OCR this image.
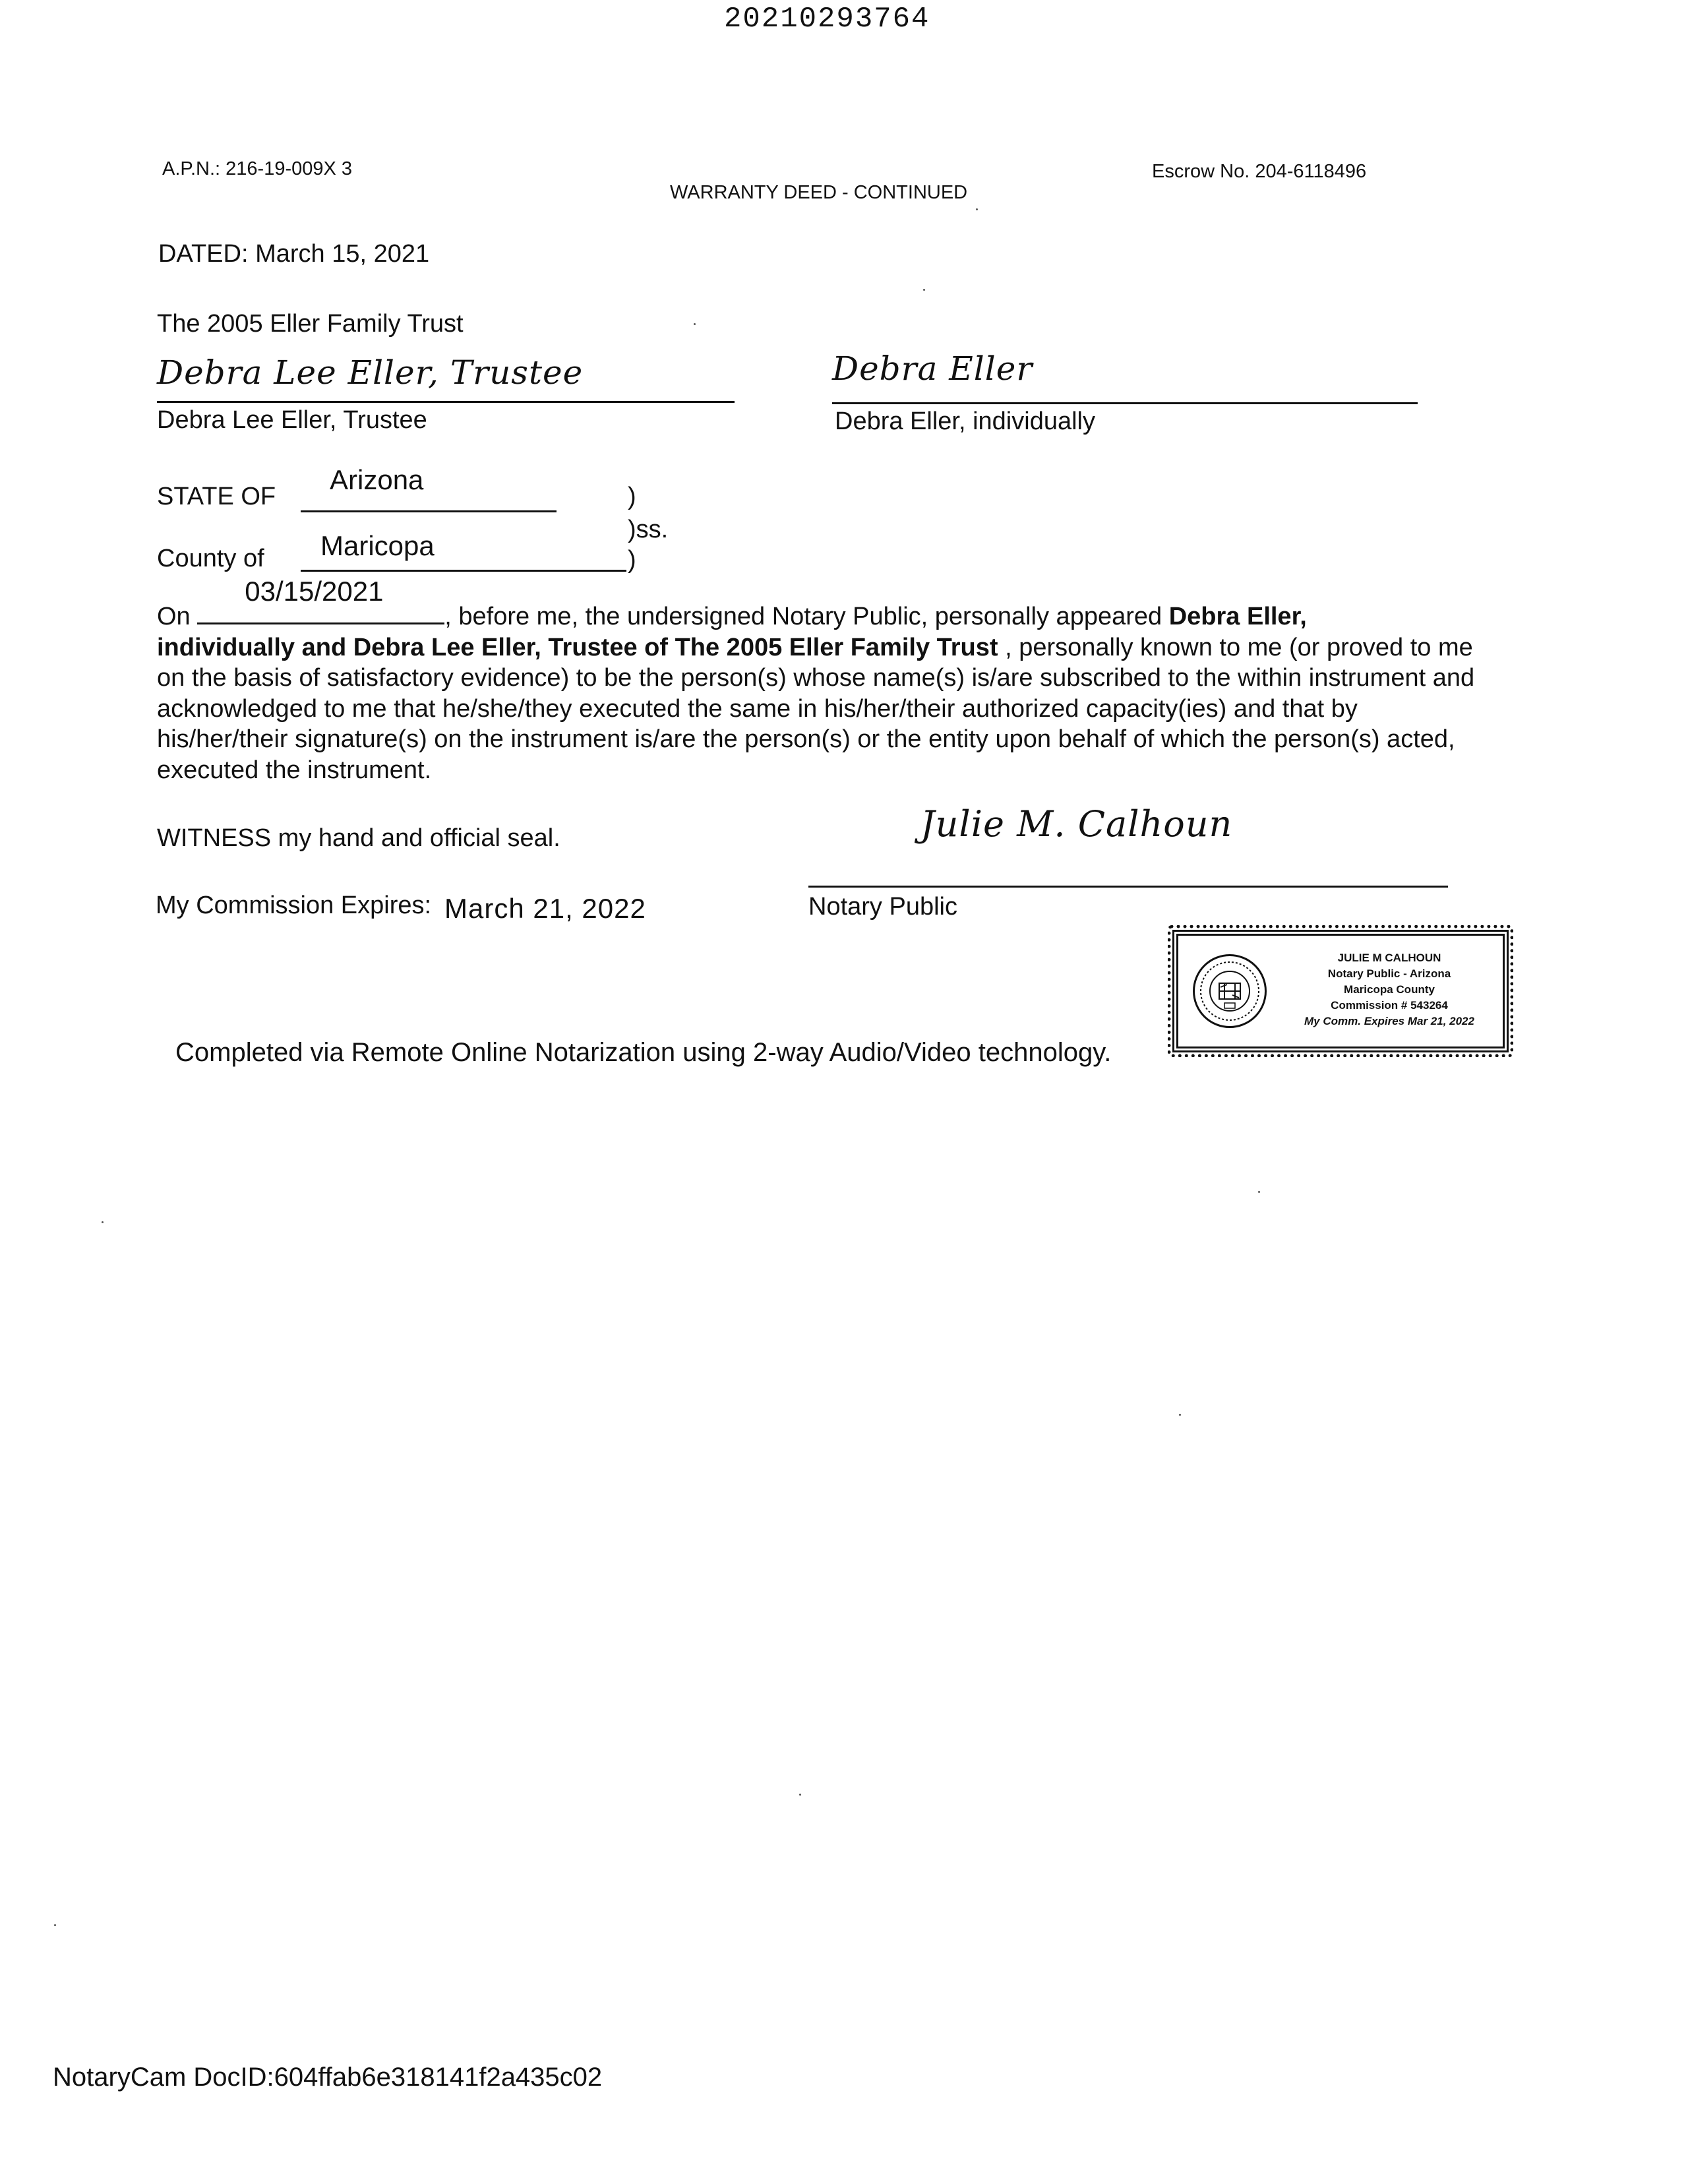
20210293764
A.P.N.: 216-19-009X 3
WARRANTY DEED - CONTINUED
Escrow No. 204-6118496
DATED: March 15, 2021
The 2005 Eller Family Trust
Debra Lee Eller, Trustee
Debra Lee Eller, Trustee
Debra Eller
Debra Eller, individually
STATE OF
Arizona
)
)ss.
County of Maricopa	)
On
03/15/2021
, before me, the undersigned Notary Public, personally appeared Debra Eller,
individually and Debra Lee Eller, Trustee of The 2005 Eller Family Trust , personally known to me (or proved to me on the basis of satisfactory evidence) to be the person(s) whose name(s) is/are subscribed to the within instrument and acknowledged to me that he/she/they executed the same in his/her/their authorized capacity(ies) and that by his/her/their signature(s) on the instrument is/are the person(s) or the entity upon behalf of which the person(s) acted, executed the instrument.
WITNESS my hand and official seal.	Julie M. Calhoun
Notary Public
My Commission Expires: March 21, 2022
JULIE M CALHOUN
Notary Public - Arizona
Maricopa County
Commission # 543264
My Comm. Expires Mar 21, 2022
Completed via Remote Online Notarization using 2-way Audio/Video technology.
NotaryCam DocID:604ffab6e318141f2a435c02
